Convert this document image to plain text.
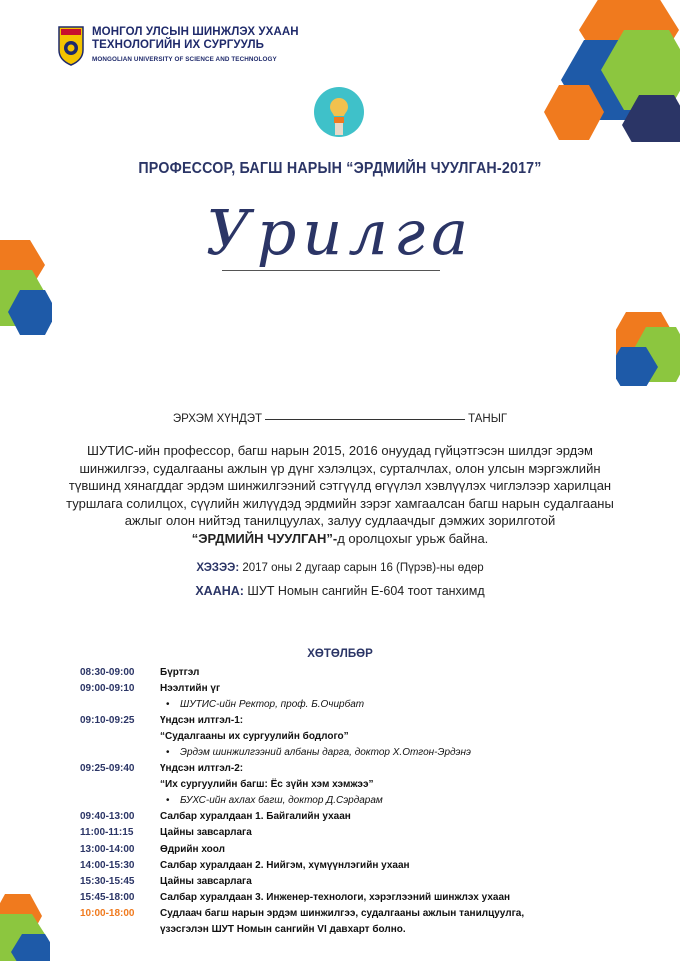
МОНГОЛ УЛСЫН ШИНЖЛЭХ УХААН
ТЕХНОЛОГИЙН ИХ СУРГУУЛЬ
MONGOLIAN UNIVERSITY OF SCIENCE AND TECHNOLOGY
ПРОФЕССОР, БАГШ НАРЫН “ЭРДМИЙН ЧУУЛГАН-2017”
Урилга
ЭРХЭМ ХҮНДЭТ	ТАНЫГ
ШУТИС-ийн профессор, багш нарын 2015, 2016 онуудад гүйцэтгэсэн шилдэг эрдэм шинжилгээ, судалгааны ажлын үр дүнг хэлэлцэх, сурталчлах, олон улсын мэргэжлийн түвшинд хянагддаг эрдэм шинжилгээний сэтгүүлд өгүүлэл хэвлүүлэх чиглэлээр харилцан туршлага солилцох, сүүлийн жилүүдэд эрдмийн зэрэг хамгаалсан багш нарын судалгааны ажлыг олон нийтэд танилцуулах, залуу судлаачдыг дэмжих зорилготой
“ЭРДМИЙН ЧУУЛГАН”-д оролцохыг урьж байна.
ХЭЗЭЭ: 2017 оны 2 дугаар сарын 16 (Пүрэв)-ны өдөр
ХААНА: ШУТ Номын сангийн Е-604 тоот танхимд
ХӨТӨЛБӨР
08:30-09:00	Бүртгэл
09:00-09:10	Нээлтийн үг
•	ШУТИС-ийн Ректор, проф. Б.Очирбат
09:10-09:25	Үндсэн илтгэл-1:
“Судалгааны их сургуулийн бодлого”
•	Эрдэм шинжилгээний албаны дарга, доктор Х.Отгон-Эрдэнэ
09:25-09:40	Үндсэн илтгэл-2:
“Их сургуулийн багш: Ёс зүйн хэм хэмжээ”
•	БУХС-ийн ахлах багш, доктор Д.Сэрдарам
09:40-13:00	Салбар хуралдаан 1. Байгалийн ухаан
11:00-11:15	Цайны завсарлага
13:00-14:00	Өдрийн хоол
14:00-15:30	Салбар хуралдаан 2. Нийгэм, хүмүүнлэгийн ухаан
15:30-15:45	Цайны завсарлага
15:45-18:00	Салбар хуралдаан 3. Инженер-технологи, хэрэглээний шинжлэх ухаан
10:00-18:00	Судлаач багш нарын эрдэм шинжилгээ, судалгааны ажлын танилцуулга,
үзэсгэлэн ШУТ Номын сангийн VI давхарт болно.
